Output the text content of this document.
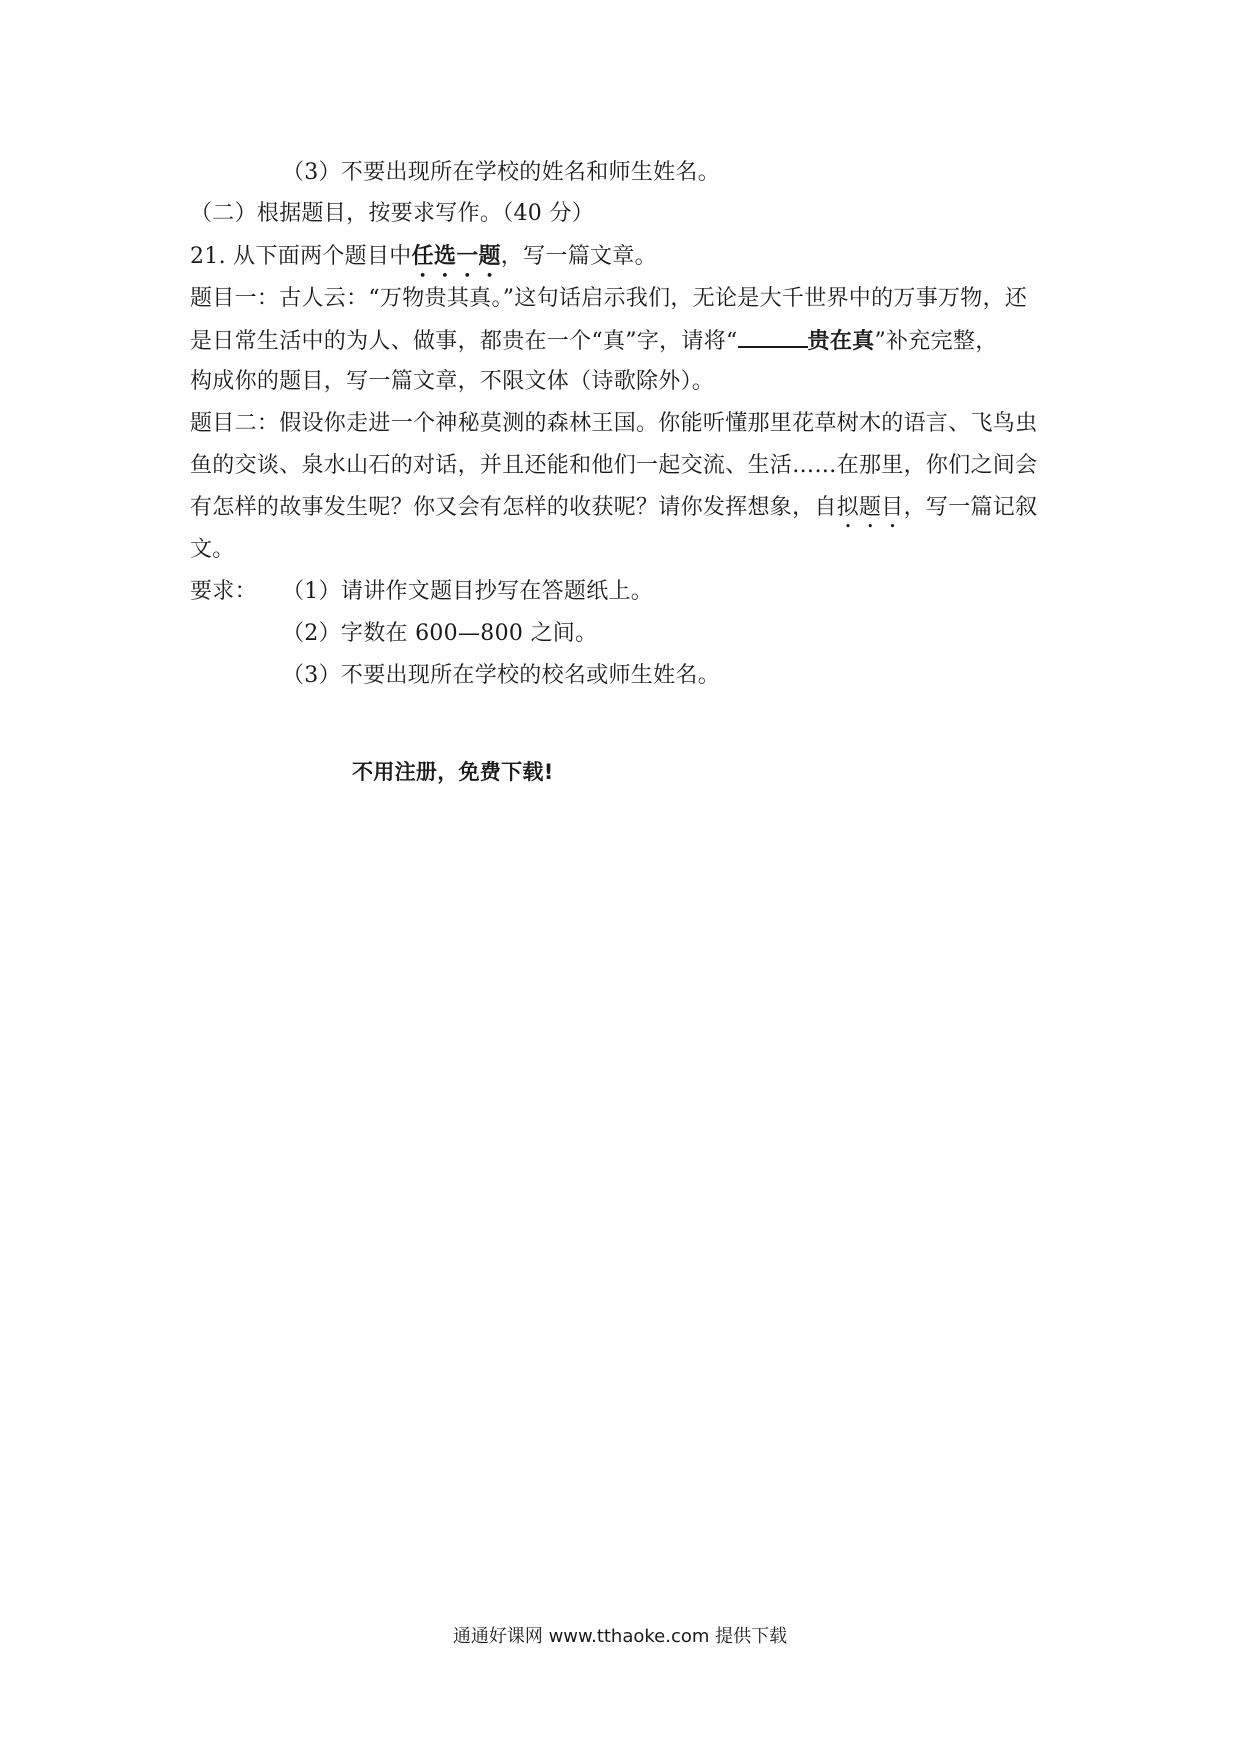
（3）不要出现所在学校的姓名和师生姓名。
（二）根据题目，按要求写作。（40 分）
21. 从下面两个题目中任选一题，写一篇文章。
题目一：古人云：“万物贵其真。”这句话启示我们，无论是大千世界中的万事万物，还
是日常生活中的为人、做事，都贵在一个“真”字，请将“	贵在真”补充完整，
构成你的题目，写一篇文章，不限文体（诗歌除外）。
题目二：假设你走进一个神秘莫测的森林王国。你能听懂那里花草树木的语言、飞鸟虫
鱼的交谈、泉水山石的对话，并且还能和他们一起交流、生活……在那里，你们之间会
有怎样的故事发生呢？你又会有怎样的收获呢？请你发挥想象，自拟题目，写一篇记叙
文。
要求： （1）请讲作文题目抄写在答题纸上。
（2）字数在 600—800 之间。
（3）不要出现所在学校的校名或师生姓名。
不用注册，免费下载!
通通好课网 www.tthaoke.com 提供下载
